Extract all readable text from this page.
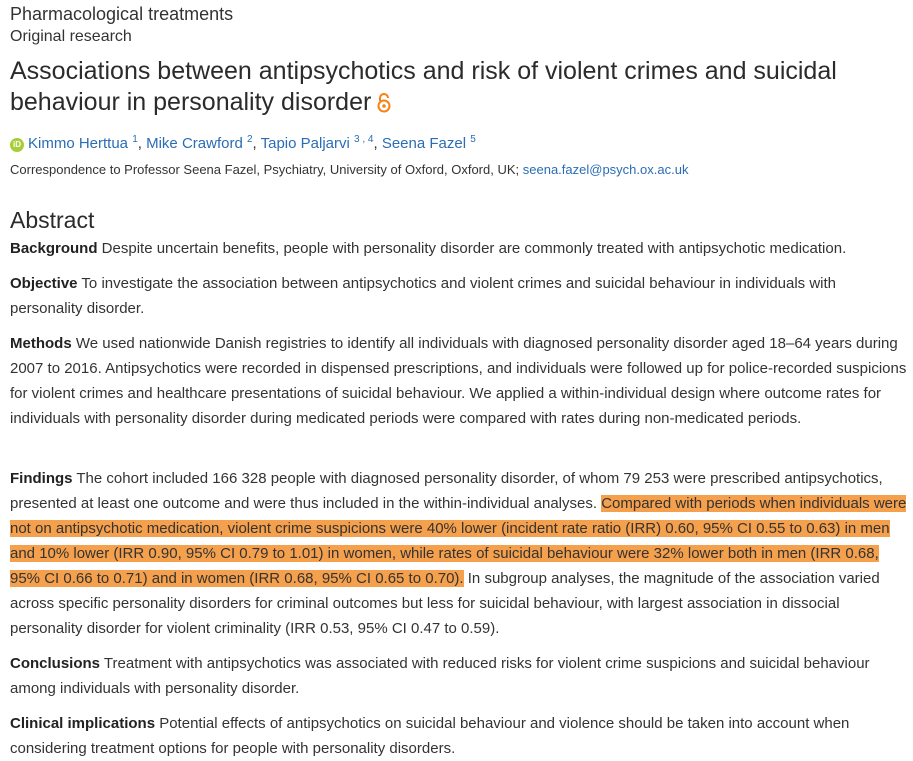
Pharmacological treatments
Original research
Associations between antipsychotics and risk of violent crimes and suicidal behaviour in personality disorder
iD Kimmo Herttua $^1$, Mike Crawford $^2$, Tapio Paljarvi $^{3 , 4}$, Seena Fazel $^5$
Correspondence to Professor Seena Fazel, Psychiatry, University of Oxford, Oxford, UK; seena.fazel@psych.ox.ac.uk
Abstract

Background Despite uncertain benefits, people with personality disorder are commonly treated with antipsychotic medication.

Objective To investigate the association between antipsychotics and violent crimes and suicidal behaviour in individuals with personality disorder.

Methods We used nationwide Danish registries to identify all individuals with diagnosed personality disorder aged 18–64 years during 2007 to 2016. Antipsychotics were recorded in dispensed prescriptions, and individuals were followed up for police-recorded suspicions for violent crimes and healthcare presentations of suicidal behaviour. We applied a within-individual design where outcome rates for individuals with personality disorder during medicated periods were compared with rates during non-medicated periods.

Findings The cohort included 166 328 people with diagnosed personality disorder, of whom 79 253 were prescribed antipsychotics, presented at least one outcome and were thus included in the within-individual analyses. Compared with periods when individuals were not on antipsychotic medication, violent crime suspicions were 40% lower (incident rate ratio (IRR) 0.60, 95% CI 0.55 to 0.63) in men and 10% lower (IRR 0.90, 95% CI 0.79 to 1.01) in women, while rates of suicidal behaviour were 32% lower both in men (IRR 0.68, 95% CI 0.66 to 0.71) and in women (IRR 0.68, 95% CI 0.65 to 0.70). In subgroup analyses, the magnitude of the association varied across specific personality disorders for criminal outcomes but less for suicidal behaviour, with largest association in dissocial personality disorder for violent criminality (IRR 0.53, 95% CI 0.47 to 0.59).

Conclusions Treatment with antipsychotics was associated with reduced risks for violent crime suspicions and suicidal behaviour among individuals with personality disorder.

Clinical implications Potential effects of antipsychotics on suicidal behaviour and violence should be taken into account when considering treatment options for people with personality disorders.
